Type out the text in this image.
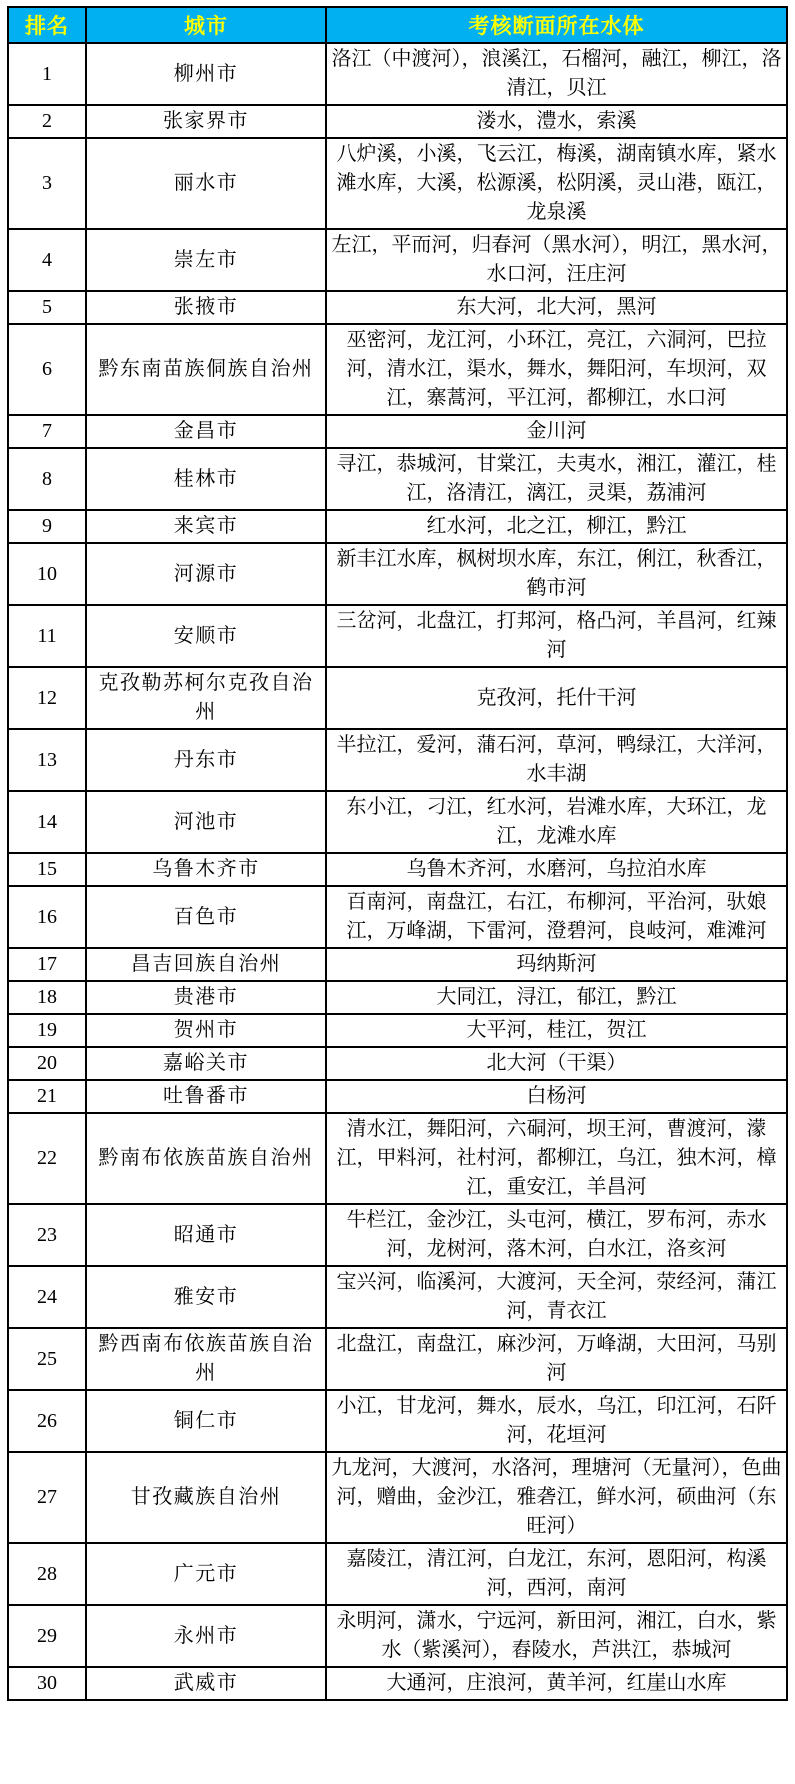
排名	城市	考核断面所在水体
1	柳州市	洛江（中渡河），浪溪江，石榴河，融江，柳江，洛清江，贝江
2	张家界市	溇水，澧水，索溪
3	丽水市	八炉溪，小溪，飞云江，梅溪，湖南镇水库，紧水滩水库，大溪，松源溪，松阴溪，灵山港，瓯江，龙泉溪
4	崇左市	左江，平而河，归春河（黑水河），明江，黑水河，水口河，汪庄河
5	张掖市	东大河，北大河，黑河
6	黔东南苗族侗族自治州	巫密河，龙江河，小环江，亮江，六洞河，巴拉河，清水江，渠水，舞水，舞阳河，车坝河，双江，寨蒿河，平江河，都柳江，水口河
7	金昌市	金川河
8	桂林市	寻江，恭城河，甘棠江，夫夷水，湘江，灌江，桂江，洛清江，漓江，灵渠，荔浦河
9	来宾市	红水河，北之江，柳江，黔江
10	河源市	新丰江水库，枫树坝水库，东江，俐江，秋香江，鹤市河
11	安顺市	三岔河，北盘江，打邦河，格凸河，羊昌河，红辣河
12	克孜勒苏柯尔克孜自治州	克孜河，托什干河
13	丹东市	半拉江，爱河，蒲石河，草河，鸭绿江，大洋河，水丰湖
14	河池市	东小江，刁江，红水河，岩滩水库，大环江，龙江，龙滩水库
15	乌鲁木齐市	乌鲁木齐河，水磨河，乌拉泊水库
16	百色市	百南河，南盘江，右江，布柳河，平治河，驮娘江，万峰湖，下雷河，澄碧河，良岐河，难滩河
17	昌吉回族自治州	玛纳斯河
18	贵港市	大同江，浔江，郁江，黔江
19	贺州市	大平河，桂江，贺江
20	嘉峪关市	北大河（干渠）
21	吐鲁番市	白杨河
22	黔南布依族苗族自治州	清水江，舞阳河，六硐河，坝王河，曹渡河，濛江，甲料河，社村河，都柳江，乌江，独木河，樟江，重安江，羊昌河
23	昭通市	牛栏江，金沙江，头屯河，横江，罗布河，赤水河，龙树河，落木河，白水江，洛亥河
24	雅安市	宝兴河，临溪河，大渡河，天全河，荥经河，蒲江河，青衣江
25	黔西南布依族苗族自治州	北盘江，南盘江，麻沙河，万峰湖，大田河，马别河
26	铜仁市	小江，甘龙河，舞水，辰水，乌江，印江河，石阡河，花垣河
27	甘孜藏族自治州	九龙河，大渡河，水洛河，理塘河（无量河），色曲河，赠曲，金沙江，雅砻江，鲜水河，硕曲河（东旺河）
28	广元市	嘉陵江，清江河，白龙江，东河，恩阳河，构溪河，西河，南河
29	永州市	永明河，潇水，宁远河，新田河，湘江，白水，紫水（紫溪河），舂陵水，芦洪江，恭城河
30	武威市	大通河，庄浪河，黄羊河，红崖山水库
